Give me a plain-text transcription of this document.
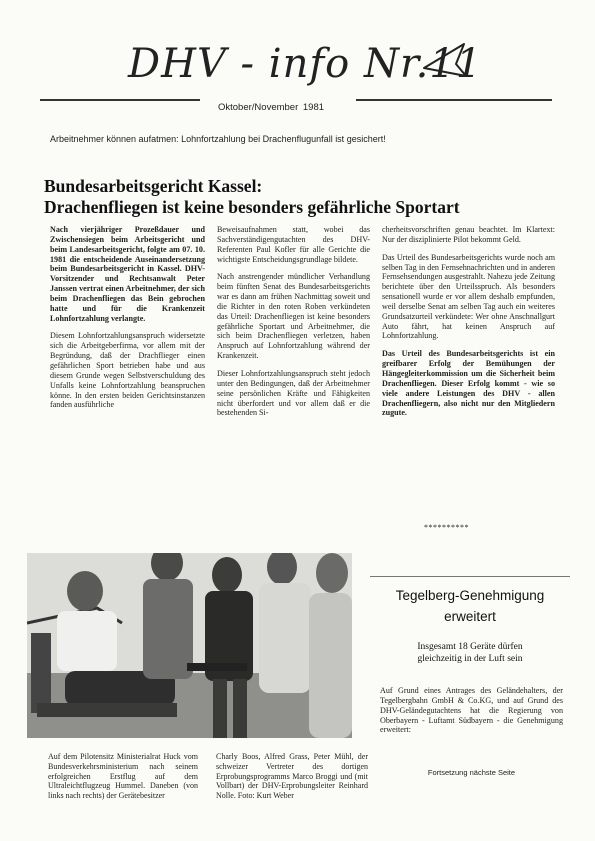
DHV - info Nr.11
Oktober/November 1981
Arbeitnehmer können aufatmen: Lohnfortzahlung bei Drachenflugunfall ist gesichert!
Bundesarbeitsgericht Kassel:
Drachenfliegen ist keine besonders gefährliche Sportart

Nach vierjähriger Prozeßdauer und Zwischensiegen beim Arbeitsgericht und beim Landesarbeitsgericht, folgte am 07. 10. 1981 die entscheidende Auseinandersetzung beim Bundesarbeitsgericht in Kassel. DHV-Vorsitzender und Rechtsanwalt Peter Janssen vertrat einen Arbeitnehmer, der sich beim Drachenfliegen das Bein gebrochen hatte und für die Krankenzeit Lohnfortzahlung verlangte.

Diesem Lohnfortzahlungsanspruch widersetzte sich die Arbeitgeberfirma, vor allem mit der Begründung, daß der Drachflieger einen gefährlichen Sport betrieben habe und aus diesem Grunde wegen Selbstverschuldung des Unfalls keine Lohnfortzahlung beanspruchen könne. In den ersten beiden Gerichtsinstanzen fanden ausführliche

Beweisaufnahmen statt, wobei das Sachverständigengutachten des DHV-Referenten Paul Kofler für alle Gerichte die wichtigste Entscheidungsgrundlage bildete.

Nach anstrengender mündlicher Verhandlung beim fünften Senat des Bundesarbeitsgerichts war es dann am frühen Nachmittag soweit und die Richter in den roten Roben verkündeten das Urteil: Drachenfliegen ist keine besonders gefährliche Sportart und Arbeitnehmer, die sich beim Drachenfliegen verletzen, haben Anspruch auf Lohnfortzahlung während der Krankenzeit.

Dieser Lohnfortzahlungsanspruch steht jedoch unter den Bedingungen, daß der Arbeitnehmer seine persönlichen Kräfte und Fähigkeiten nicht überfordert und vor allem daß er die bestehenden Si-

cherheitsvorschriften genau beachtet. Im Klartext: Nur der disziplinierte Pilot bekommt Geld.

Das Urteil des Bundesarbeitsgerichts wurde noch am selben Tag in den Fernsehnachrichten und in anderen Fernsehsendungen ausgestrahlt. Nahezu jede Zeitung berichtete über den Urteilsspruch. Als besonders sensationell wurde er vor allem deshalb empfunden, weil derselbe Senat am selben Tag auch ein weiteres Grundsatzurteil verkündete: Wer ohne Anschnallgurt Auto fährt, hat keinen Anspruch auf Lohnfortzahlung.

Das Urteil des Bundesarbeitsgerichts ist ein greifbarer Erfolg der Bemühungen der Hängegleiterkommission um die Sicherheit beim Drachenfliegen. Dieser Erfolg kommt - wie so viele andere Leistungen des DHV - allen Drachenfliegern, also nicht nur den Mitgliedern zugute.

**********
Auf dem Pilotensitz Ministerialrat Huck vom Bundesverkehrsministerium nach seinem erfolgreichen Erstflug auf dem Ultraleichtflugzeug Hummel. Daneben (von links nach rechts) der Gerätebesitzer
Charly Boos, Alfred Grass, Peter Mühl, der schweizer Vertreter des dortigen Erprobungsprogramms Marco Broggi und (mit Vollbart) der DHV-Erprobungsleiter Reinhard Nolle. Foto: Kurt Weber
Tegelberg-Genehmigung
erweitert
Insgesamt 18 Geräte dürfen
gleichzeitig in der Luft sein
Auf Grund eines Antrages des Geländehalters, der Tegelbergbahn GmbH & Co.KG, und auf Grund des DHV-Geländegutachtens hat die Regierung von Oberbayern - Luftamt Südbayern - die Genehmigung erweitert:
Fortsetzung nächste Seite
